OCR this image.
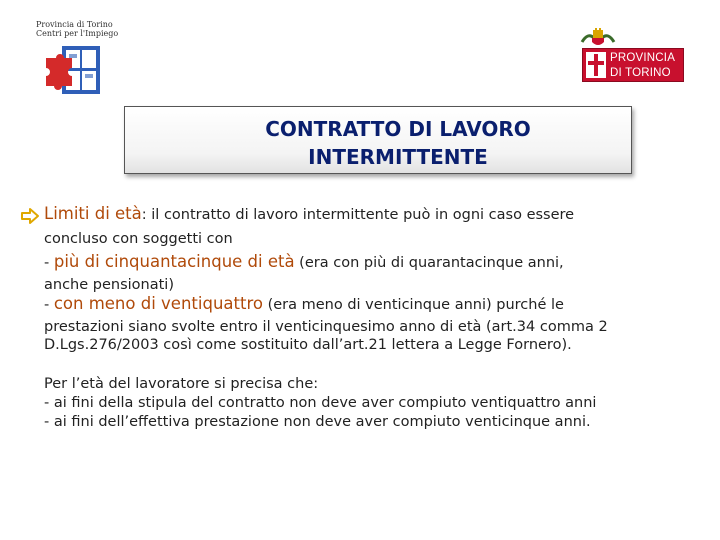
Provincia di Torino
Centri per l'Impiego
PROVINCIA
DI TORINO
CONTRATTO DI LAVORO
INTERMITTENTE
Limiti di età: il contratto di lavoro intermittente può in ogni caso essere
concluso con soggetti con
- più di cinquantacinque di età (era con più di quarantacinque anni,
anche pensionati)
- con meno di ventiquattro (era meno di venticinque anni) purché le
prestazioni siano svolte entro il venticinquesimo anno di età (art.34 comma 2
D.Lgs.276/2003 così come sostituito dall’art.21 lettera a Legge Fornero).
Per l’età del lavoratore si precisa che:
- ai fini della stipula del contratto non deve aver compiuto ventiquattro anni
- ai fini dell’effettiva prestazione non deve aver compiuto venticinque anni.
